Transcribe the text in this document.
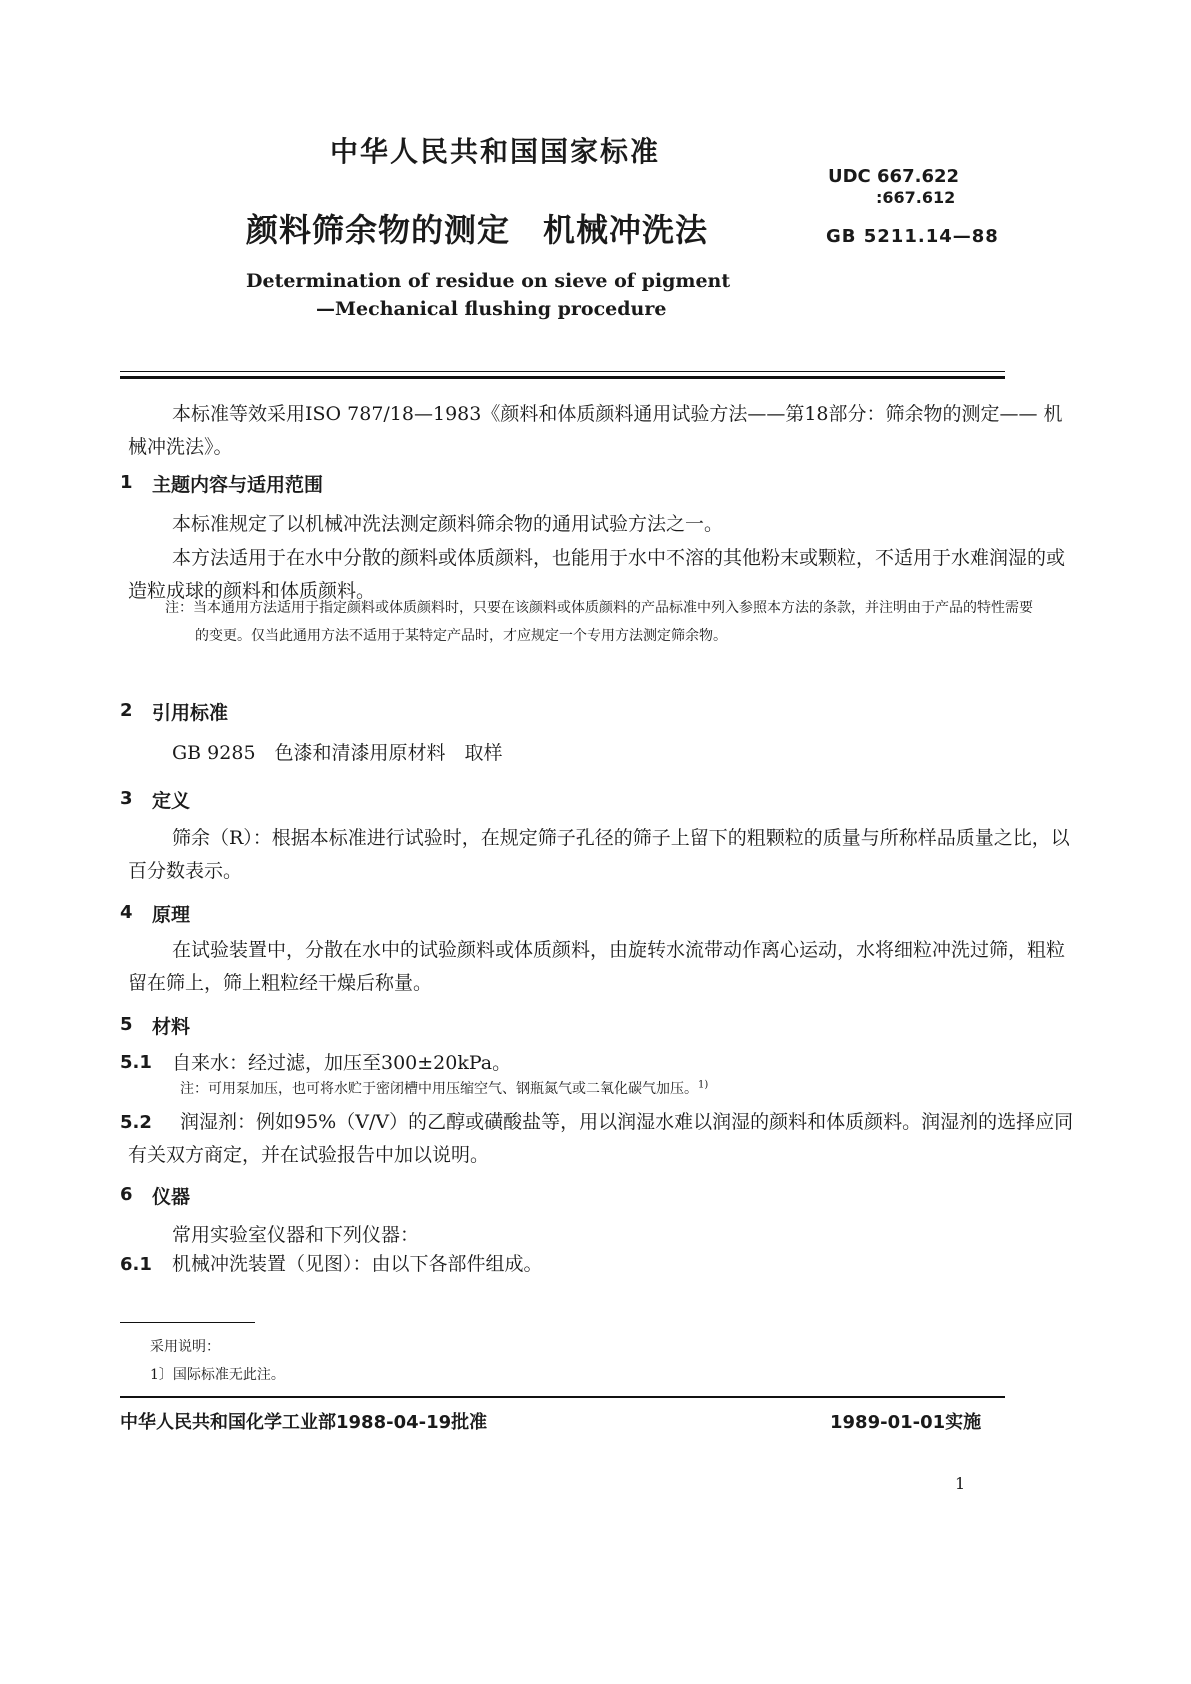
中华人民共和国国家标准
UDC 667.622
:667.612
颜料筛余物的测定　机械冲洗法	GB 5211.14—88
Determination of residue on sieve of pigment
—Mechanical flushing procedure
本标准等效采用ISO 787/18—1983《颜料和体质颜料通用试验方法——第18部分：筛余物的测定—— 机械冲洗法》。
1 主题内容与适用范围
本标准规定了以机械冲洗法测定颜料筛余物的通用试验方法之一。
本方法适用于在水中分散的颜料或体质颜料，也能用于水中不溶的其他粉末或颗粒，不适用于水难润湿的或造粒成球的颜料和体质颜料。
注：当本通用方法适用于指定颜料或体质颜料时，只要在该颜料或体质颜料的产品标准中列入参照本方法的条款，并注明由于产品的特性需要的变更。仅当此通用方法不适用于某特定产品时，才应规定一个专用方法测定筛余物。
2 引用标准
GB 9285　色漆和清漆用原材料　取样
3 定义
筛余（R）：根据本标准进行试验时，在规定筛子孔径的筛子上留下的粗颗粒的质量与所称样品质量之比，以百分数表示。
4 原理
在试验装置中，分散在水中的试验颜料或体质颜料，由旋转水流带动作离心运动，水将细粒冲洗过筛，粗粒留在筛上，筛上粗粒经干燥后称量。
5 材料
5.1 自来水：经过滤，加压至300±20kPa。
注：可用泵加压，也可将水贮于密闭槽中用压缩空气、钢瓶氮气或二氧化碳气加压。$^{1)}$
5.2	润湿剂：例如95%（V/V）的乙醇或磺酸盐等，用以润湿水难以润湿的颜料和体质颜料。润湿剂的选择应同有关双方商定，并在试验报告中加以说明。
6 仪器
常用实验室仪器和下列仪器：
6.1 机械冲洗装置（见图）：由以下各部件组成。
采用说明：
1〕国际标准无此注。
中华人民共和国化学工业部1988-04-19批准	1989-01-01实施
1
